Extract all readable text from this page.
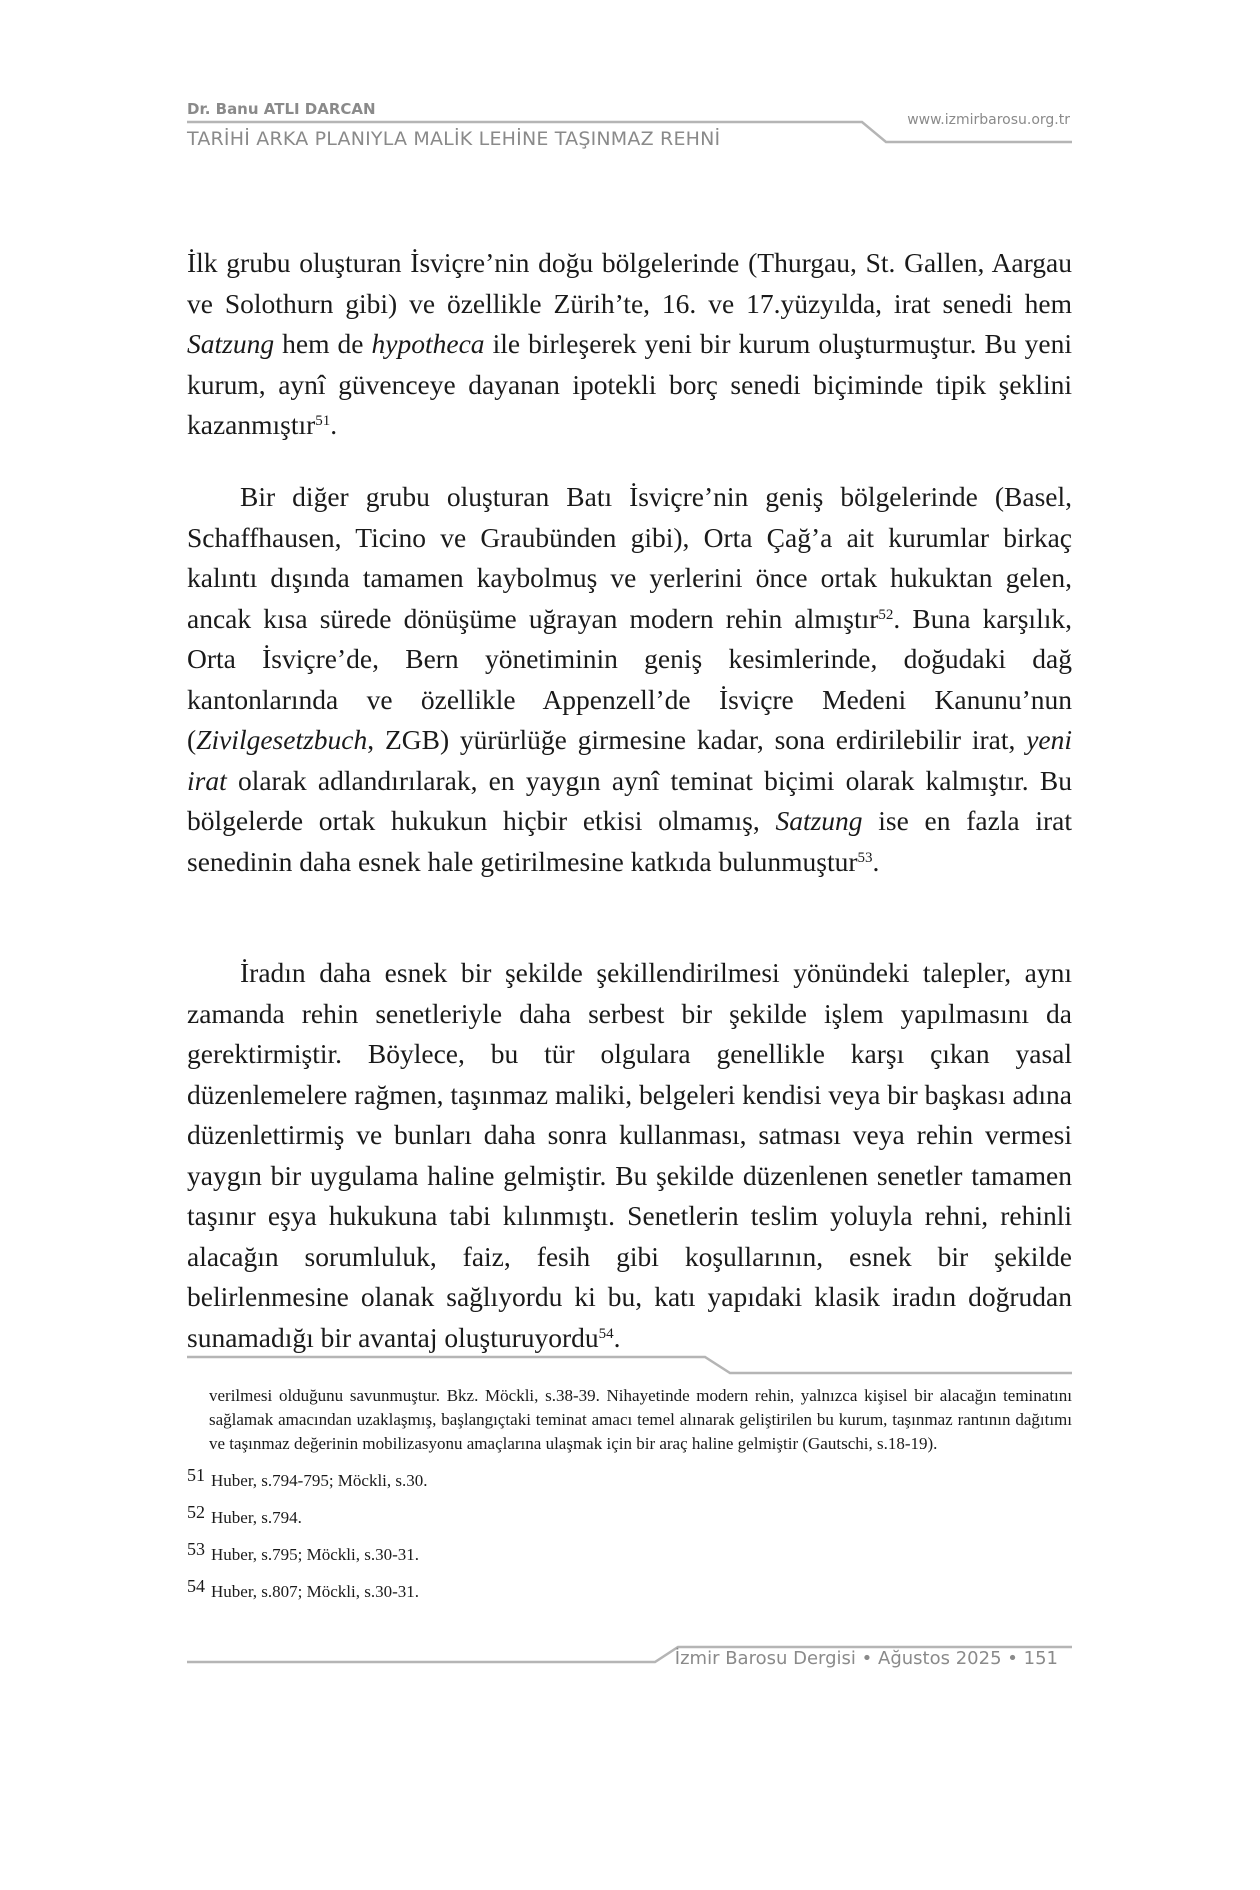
Dr. Banu ATLI DARCAN
TARİHİ ARKA PLANIYLA MALİK LEHİNE TAŞINMAZ REHNİ
www.izmirbarosu.org.tr

İlk grubu oluşturan İsviçre’nin doğu bölgelerinde (Thurgau, St. Gallen, Aargau ve Solothurn gibi) ve özellikle Zürih’te, 16. ve 17.yüzyılda, irat senedi hem Satzung hem de hypotheca ile birleşerek yeni bir kurum oluşturmuştur. Bu yeni kurum, aynî güvenceye dayanan ipotekli borç senedi biçiminde tipik şeklini kazanmıştır$^{51}$.

Bir diğer grubu oluşturan Batı İsviçre’nin geniş bölgelerinde (Basel, Schaffhausen, Ticino ve Graubünden gibi), Orta Çağ’a ait kurumlar birkaç kalıntı dışında tamamen kaybolmuş ve yerlerini önce ortak hukuktan gelen, ancak kısa sürede dönüşüme uğrayan modern rehin almıştır$^{52}$. Buna karşılık, Orta İsviçre’de, Bern yönetiminin geniş kesimlerinde, doğudaki dağ kantonlarında ve özellikle Appenzell’de İsviçre Medeni Kanunu’nun (Zivilgesetzbuch, ZGB) yürürlüğe girmesine kadar, sona erdirilebilir irat, yeni irat olarak adlandırılarak, en yaygın aynî teminat biçimi olarak kalmıştır. Bu bölgelerde ortak hukukun hiçbir etkisi olmamış, Satzung ise en fazla irat senedinin daha esnek hale getirilmesine katkıda bulunmuştur$^{53}$.

İradın daha esnek bir şekilde şekillendirilmesi yönündeki talepler, aynı zamanda rehin senetleriyle daha serbest bir şekilde işlem yapılmasını da gerektirmiştir. Böylece, bu tür olgulara genellikle karşı çıkan yasal düzenlemelere rağmen, taşınmaz maliki, belgeleri kendisi veya bir başkası adına düzenlettirmiş ve bunları daha sonra kullanması, satması veya rehin vermesi yaygın bir uygulama haline gelmiştir. Bu şekilde düzenlenen senetler tamamen taşınır eşya hukukuna tabi kılınmıştı. Senetlerin teslim yoluyla rehni, rehinli alacağın sorumluluk, faiz, fesih gibi koşullarının, esnek bir şekilde belirlenmesine olanak sağlıyordu ki bu, katı yapıdaki klasik iradın doğrudan sunamadığı bir avantaj oluşturuyordu$^{54}$.

verilmesi olduğunu savunmuştur. Bkz. Möckli, s.38-39. Nihayetinde modern rehin, yalnızca kişisel bir alacağın teminatını sağlamak amacından uzaklaşmış, başlangıçtaki teminat amacı temel alınarak geliştirilen bu kurum, taşınmaz rantının dağıtımı ve taşınmaz değerinin mobilizasyonu amaçlarına ulaşmak için bir araç haline gelmiştir (Gautschi, s.18-19).
51 Huber, s.794-795; Möckli, s.30.
52 Huber, s.794.
53 Huber, s.795; Möckli, s.30-31.
54 Huber, s.807; Möckli, s.30-31.
İzmir Barosu Dergisi • Ağustos 2025 • 151
